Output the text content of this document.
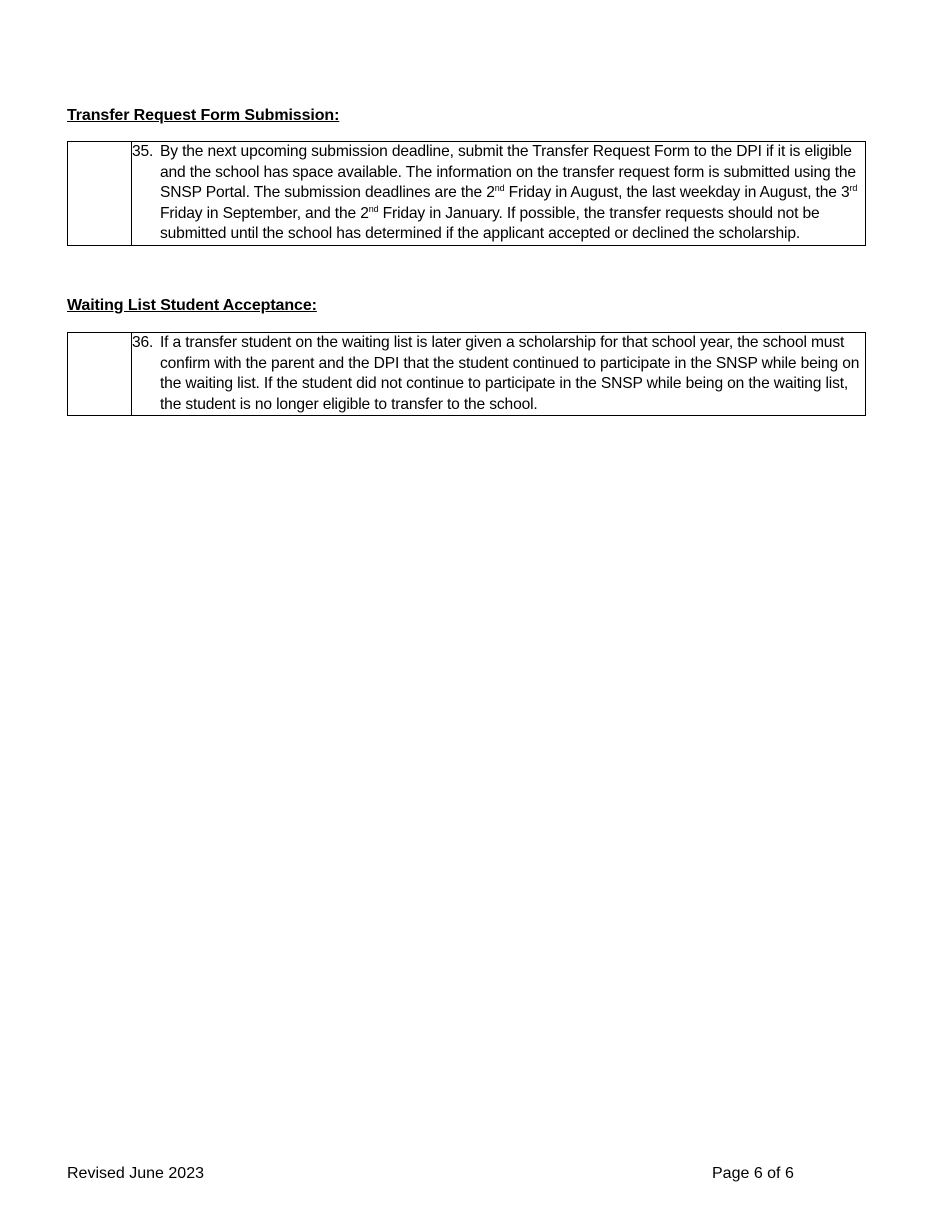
Transfer Request Form Submission:

35. By the next upcoming submission deadline, submit the Transfer Request Form to the DPI if it is eligible and the school has space available. The information on the transfer request form is submitted using the SNSP Portal. The submission deadlines are the 2nd Friday in August, the last weekday in August, the 3rd Friday in September, and the 2nd Friday in January. If possible, the transfer requests should not be submitted until the school has determined if the applicant accepted or declined the scholarship.
Waiting List Student Acceptance:

36. If a transfer student on the waiting list is later given a scholarship for that school year, the school must confirm with the parent and the DPI that the student continued to participate in the SNSP while being on the waiting list. If the student did not continue to participate in the SNSP while being on the waiting list, the student is no longer eligible to transfer to the school.
Revised June 2023	Page 6 of 6
